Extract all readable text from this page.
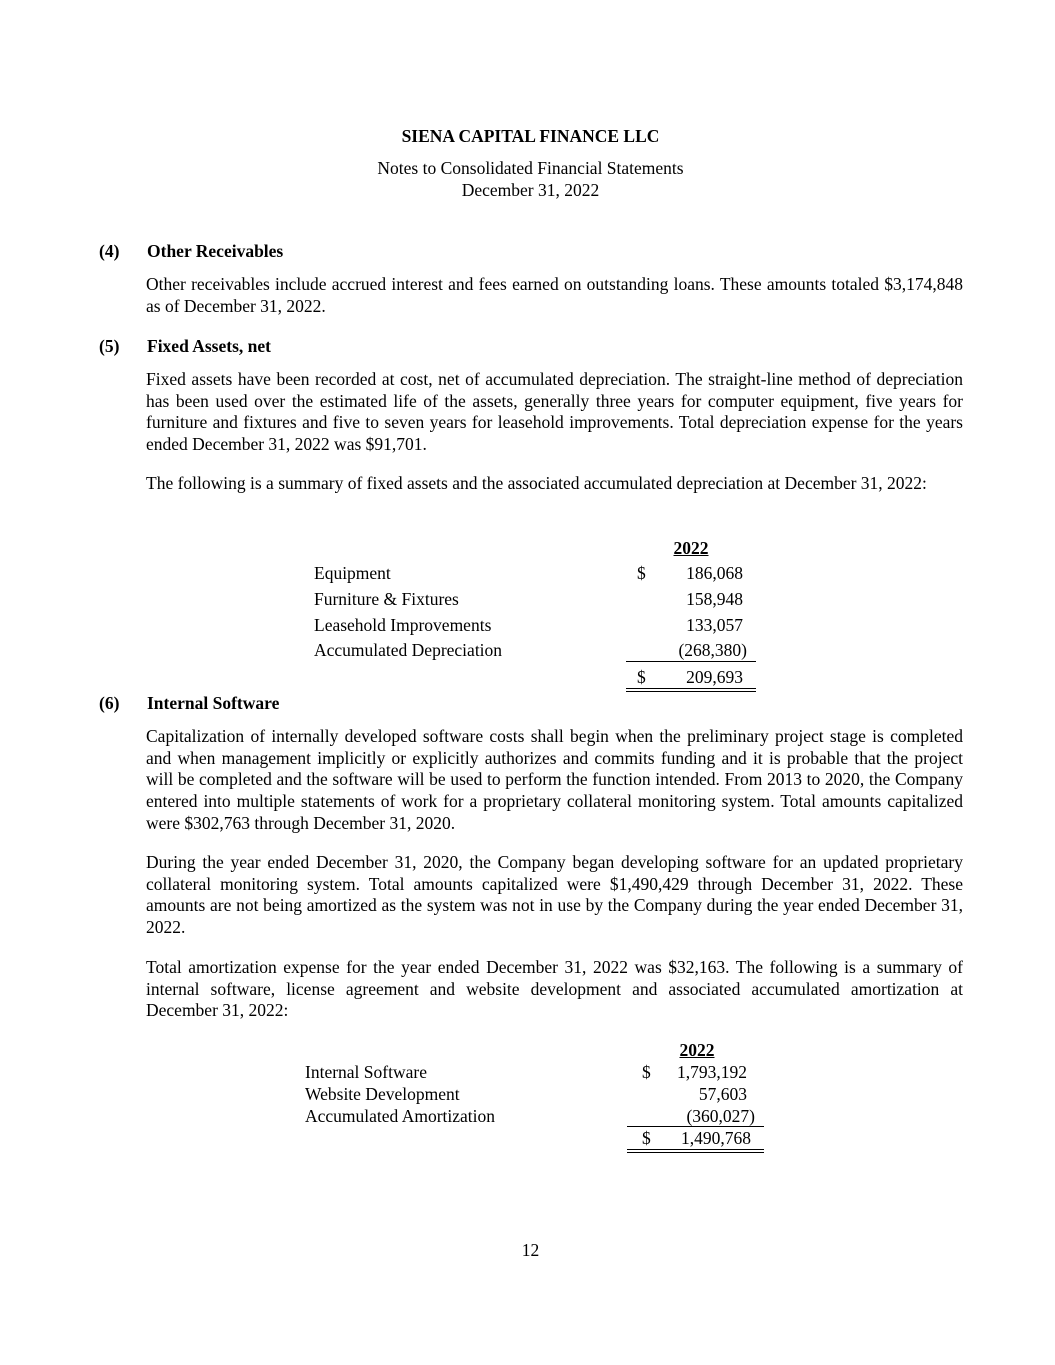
SIENA CAPITAL FINANCE LLC
Notes to Consolidated Financial Statements
December 31, 2022
(4) Other Receivables

Other receivables include accrued interest and fees earned on outstanding loans. These amounts totaled $3,174,848 as of December 31, 2022.

(5) Fixed Assets, net

Fixed assets have been recorded at cost, net of accumulated depreciation. The straight-line method of depreciation has been used over the estimated life of the assets, generally three years for computer equipment, five years for furniture and fixtures and five to seven years for leasehold improvements. Total depreciation expense for the years ended December 31, 2022 was $91,701.

The following is a summary of fixed assets and the associated accumulated depreciation at December 31, 2022:

2022
Equipment	$	186,068
Furniture & Fixtures	158,948
Leasehold Improvements	133,057
Accumulated Depreciation	(268,380)
$	209,693
(6) Internal Software

Capitalization of internally developed software costs shall begin when the preliminary project stage is completed and when management implicitly or explicitly authorizes and commits funding and it is probable that the project will be completed and the software will be used to perform the function intended. From 2013 to 2020, the Company entered into multiple statements of work for a proprietary collateral monitoring system. Total amounts capitalized were $302,763 through December 31, 2020.

During the year ended December 31, 2020, the Company began developing software for an updated proprietary collateral monitoring system. Total amounts capitalized were $1,490,429 through December 31, 2022. These amounts are not being amortized as the system was not in use by the Company during the year ended December 31, 2022.

Total amortization expense for the year ended December 31, 2022 was $32,163. The following is a summary of internal software, license agreement and website development and associated accumulated amortization at December 31, 2022:

2022
Internal Software	$	1,793,192
Website Development	57,603
Accumulated Amortization	(360,027)
$	1,490,768
12
